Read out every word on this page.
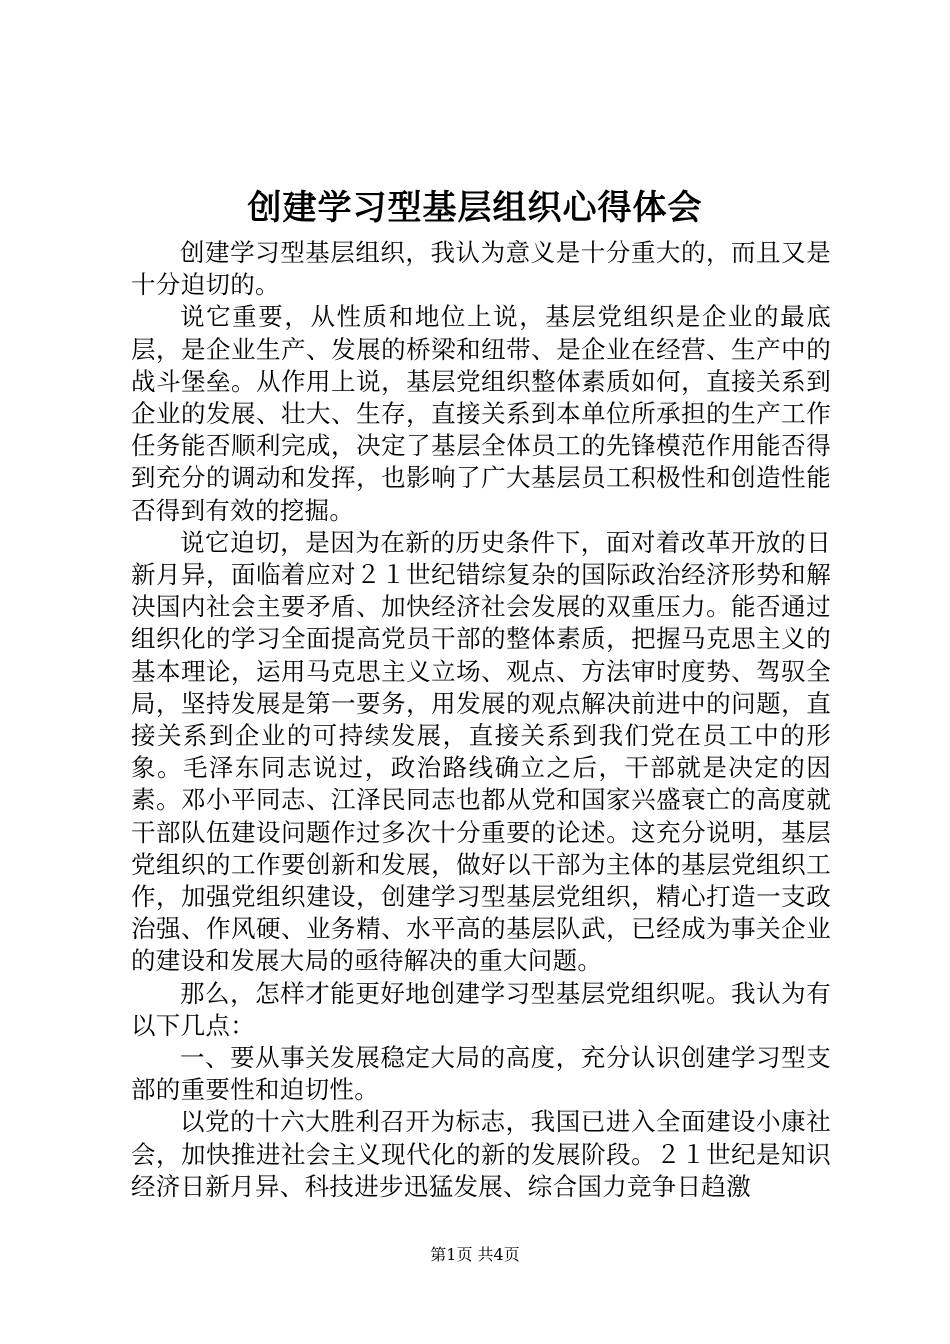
创建学习型基层组织心得体会

创建学习型基层组织，我认为意义是十分重大的，而且又是十分迫切的。

说它重要，从性质和地位上说，基层党组织是企业的最底层，是企业生产、发展的桥梁和纽带、是企业在经营、生产中的战斗堡垒。从作用上说，基层党组织整体素质如何，直接关系到企业的发展、壮大、生存，直接关系到本单位所承担的生产工作任务能否顺利完成，决定了基层全体员工的先锋模范作用能否得到充分的调动和发挥，也影响了广大基层员工积极性和创造性能否得到有效的挖掘。

说它迫切，是因为在新的历史条件下，面对着改革开放的日新月异，面临着应对２１世纪错综复杂的国际政治经济形势和解决国内社会主要矛盾、加快经济社会发展的双重压力。能否通过组织化的学习全面提高党员干部的整体素质，把握马克思主义的基本理论，运用马克思主义立场、观点、方法审时度势、驾驭全局，坚持发展是第一要务，用发展的观点解决前进中的问题，直接关系到企业的可持续发展，直接关系到我们党在员工中的形象。毛泽东同志说过，政治路线确立之后，干部就是决定的因素。邓小平同志、江泽民同志也都从党和国家兴盛衰亡的高度就干部队伍建设问题作过多次十分重要的论述。这充分说明，基层党组织的工作要创新和发展，做好以干部为主体的基层党组织工作，加强党组织建设，创建学习型基层党组织，精心打造一支政治强、作风硬、业务精、水平高的基层队武，已经成为事关企业的建设和发展大局的亟待解决的重大问题。

那么，怎样才能更好地创建学习型基层党组织呢。我认为有以下几点：

一、要从事关发展稳定大局的高度，充分认识创建学习型支部的重要性和迫切性。

以党的十六大胜利召开为标志，我国已进入全面建设小康社会，加快推进社会主义现代化的新的发展阶段。２１世纪是知识经济日新月异、科技进步迅猛发展、综合国力竞争日趋激

第1页 共4页
